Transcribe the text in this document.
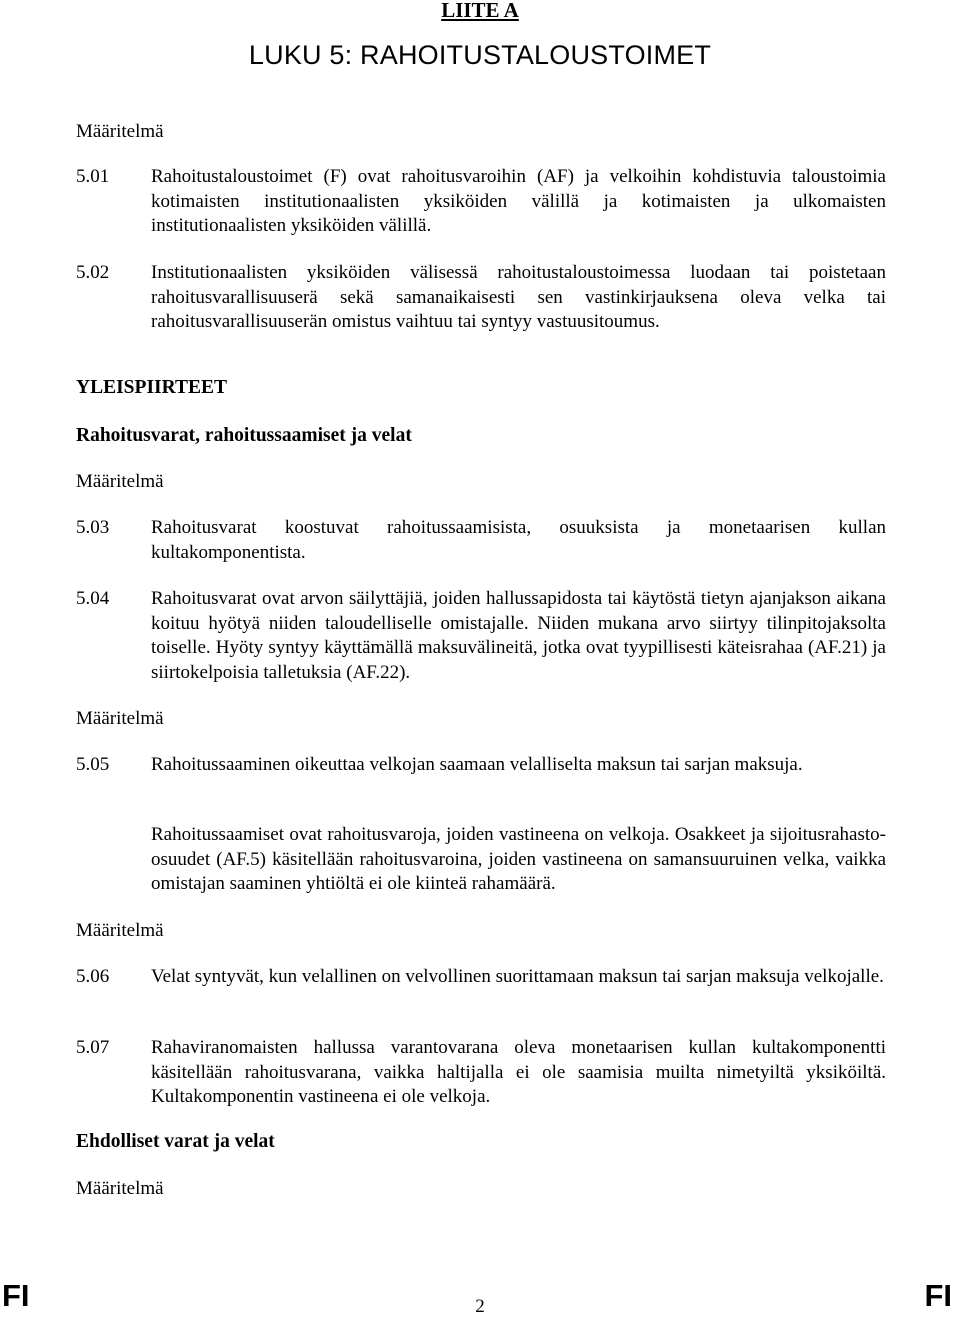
LIITE A
LUKU 5: RAHOITUSTALOUSTOIMET
Määritelmä
5.01 Rahoitustaloustoimet (F) ovat rahoitusvaroihin (AF) ja velkoihin kohdistuvia taloustoimia kotimaisten institutionaalisten yksiköiden välillä ja kotimaisten ja ulkomaisten institutionaalisten yksiköiden välillä.
5.02 Institutionaalisten yksiköiden välisessä rahoitustaloustoimessa luodaan tai poistetaan rahoitusvarallisuuserä sekä samanaikaisesti sen vastinkirjauksena oleva velka tai rahoitusvarallisuuserän omistus vaihtuu tai syntyy vastuusitoumus.
YLEISPIIRTEET
Rahoitusvarat, rahoitussaamiset ja velat
Määritelmä
5.03 Rahoitusvarat koostuvat rahoitussaamisista, osuuksista ja monetaarisen kullan kultakomponentista.
5.04 Rahoitusvarat ovat arvon säilyttäjiä, joiden hallussapidosta tai käytöstä tietyn ajanjakson aikana koituu hyötyä niiden taloudelliselle omistajalle. Niiden mukana arvo siirtyy tilinpitojaksolta toiselle. Hyöty syntyy käyttämällä maksuvälineitä, jotka ovat tyypillisesti käteisrahaa (AF.21) ja siirtokelpoisia talletuksia (AF.22).
Määritelmä
5.05 Rahoitussaaminen oikeuttaa velkojan saamaan velalliselta maksun tai sarjan maksuja.
Rahoitussaamiset ovat rahoitusvaroja, joiden vastineena on velkoja. Osakkeet ja sijoitusrahasto-osuudet (AF.5) käsitellään rahoitusvaroina, joiden vastineena on samansuuruinen velka, vaikka omistajan saaminen yhtiöltä ei ole kiinteä rahamäärä.
Määritelmä
5.06 Velat syntyvät, kun velallinen on velvollinen suorittamaan maksun tai sarjan maksuja velkojalle.
5.07 Rahaviranomaisten hallussa varantovarana oleva monetaarisen kullan kultakomponentti käsitellään rahoitusvarana, vaikka haltijalla ei ole saamisia muilta nimetyiltä yksiköiltä. Kultakomponentin vastineena ei ole velkoja.
Ehdolliset varat ja velat
Määritelmä
FI	2	FI
